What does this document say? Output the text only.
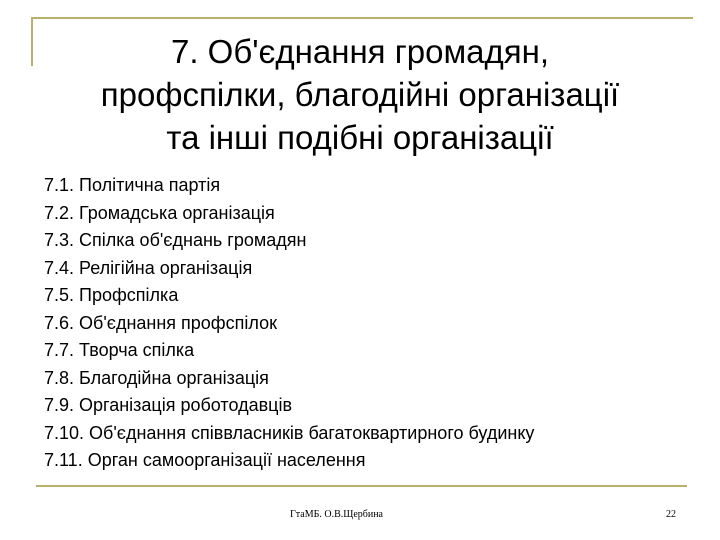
7. Об'єднання громадян,
профспілки, благодійні організації
та інші подібні організації
7.1. Політична партія
7.2. Громадська організація
7.3. Спілка об'єднань громадян
7.4. Релігійна організація
7.5. Профспілка
7.6. Об'єднання профспілок
7.7. Творча спілка
7.8. Благодійна організація
7.9. Організація роботодавців
7.10. Об'єднання співвласників багатоквартирного будинку
7.11. Орган самоорганізації населення
ГтаМБ. О.В.Щербина	22
